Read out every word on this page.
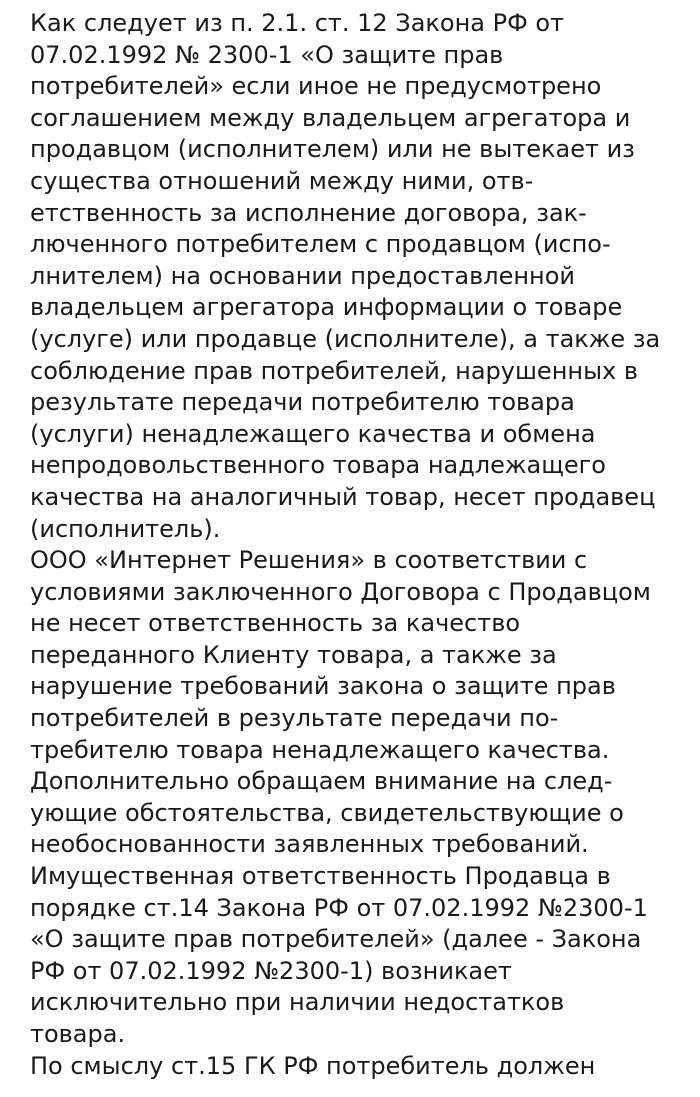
Как следует из п. 2.1. ст. 12 Закона РФ от
07.02.1992 № 2300-1 «О защите прав
потребителей» если иное не предусмотрено
соглашением между владельцем агрегатора и
продавцом (исполнителем) или не вытекает из
существа отношений между ними, отв-
етственность за исполнение договора, зак-
люченного потребителем с продавцом (испо-
лнителем) на основании предоставленной
владельцем агрегатора информации о товаре
(услуге) или продавце (исполнителе), а также за
соблюдение прав потребителей, нарушенных в
результате передачи потребителю товара
(услуги) ненадлежащего качества и обмена
непродовольственного товара надлежащего
качества на аналогичный товар, несет продавец
(исполнитель).
ООО «Интернет Решения» в соответствии с
условиями заключенного Договора с Продавцом
не несет ответственность за качество
переданного Клиенту товара, а также за
нарушение требований закона о защите прав
потребителей в результате передачи по-
требителю товара ненадлежащего качества.
Дополнительно обращаем внимание на след-
ующие обстоятельства, свидетельствующие о
необоснованности заявленных требований.
Имущественная ответственность Продавца в
порядке ст.14 Закона РФ от 07.02.1992 №2300-1
«О защите прав потребителей» (далее - Закона
РФ от 07.02.1992 №2300-1) возникает
исключительно при наличии недостатков
товара.
По смыслу ст.15 ГК РФ потребитель должен
